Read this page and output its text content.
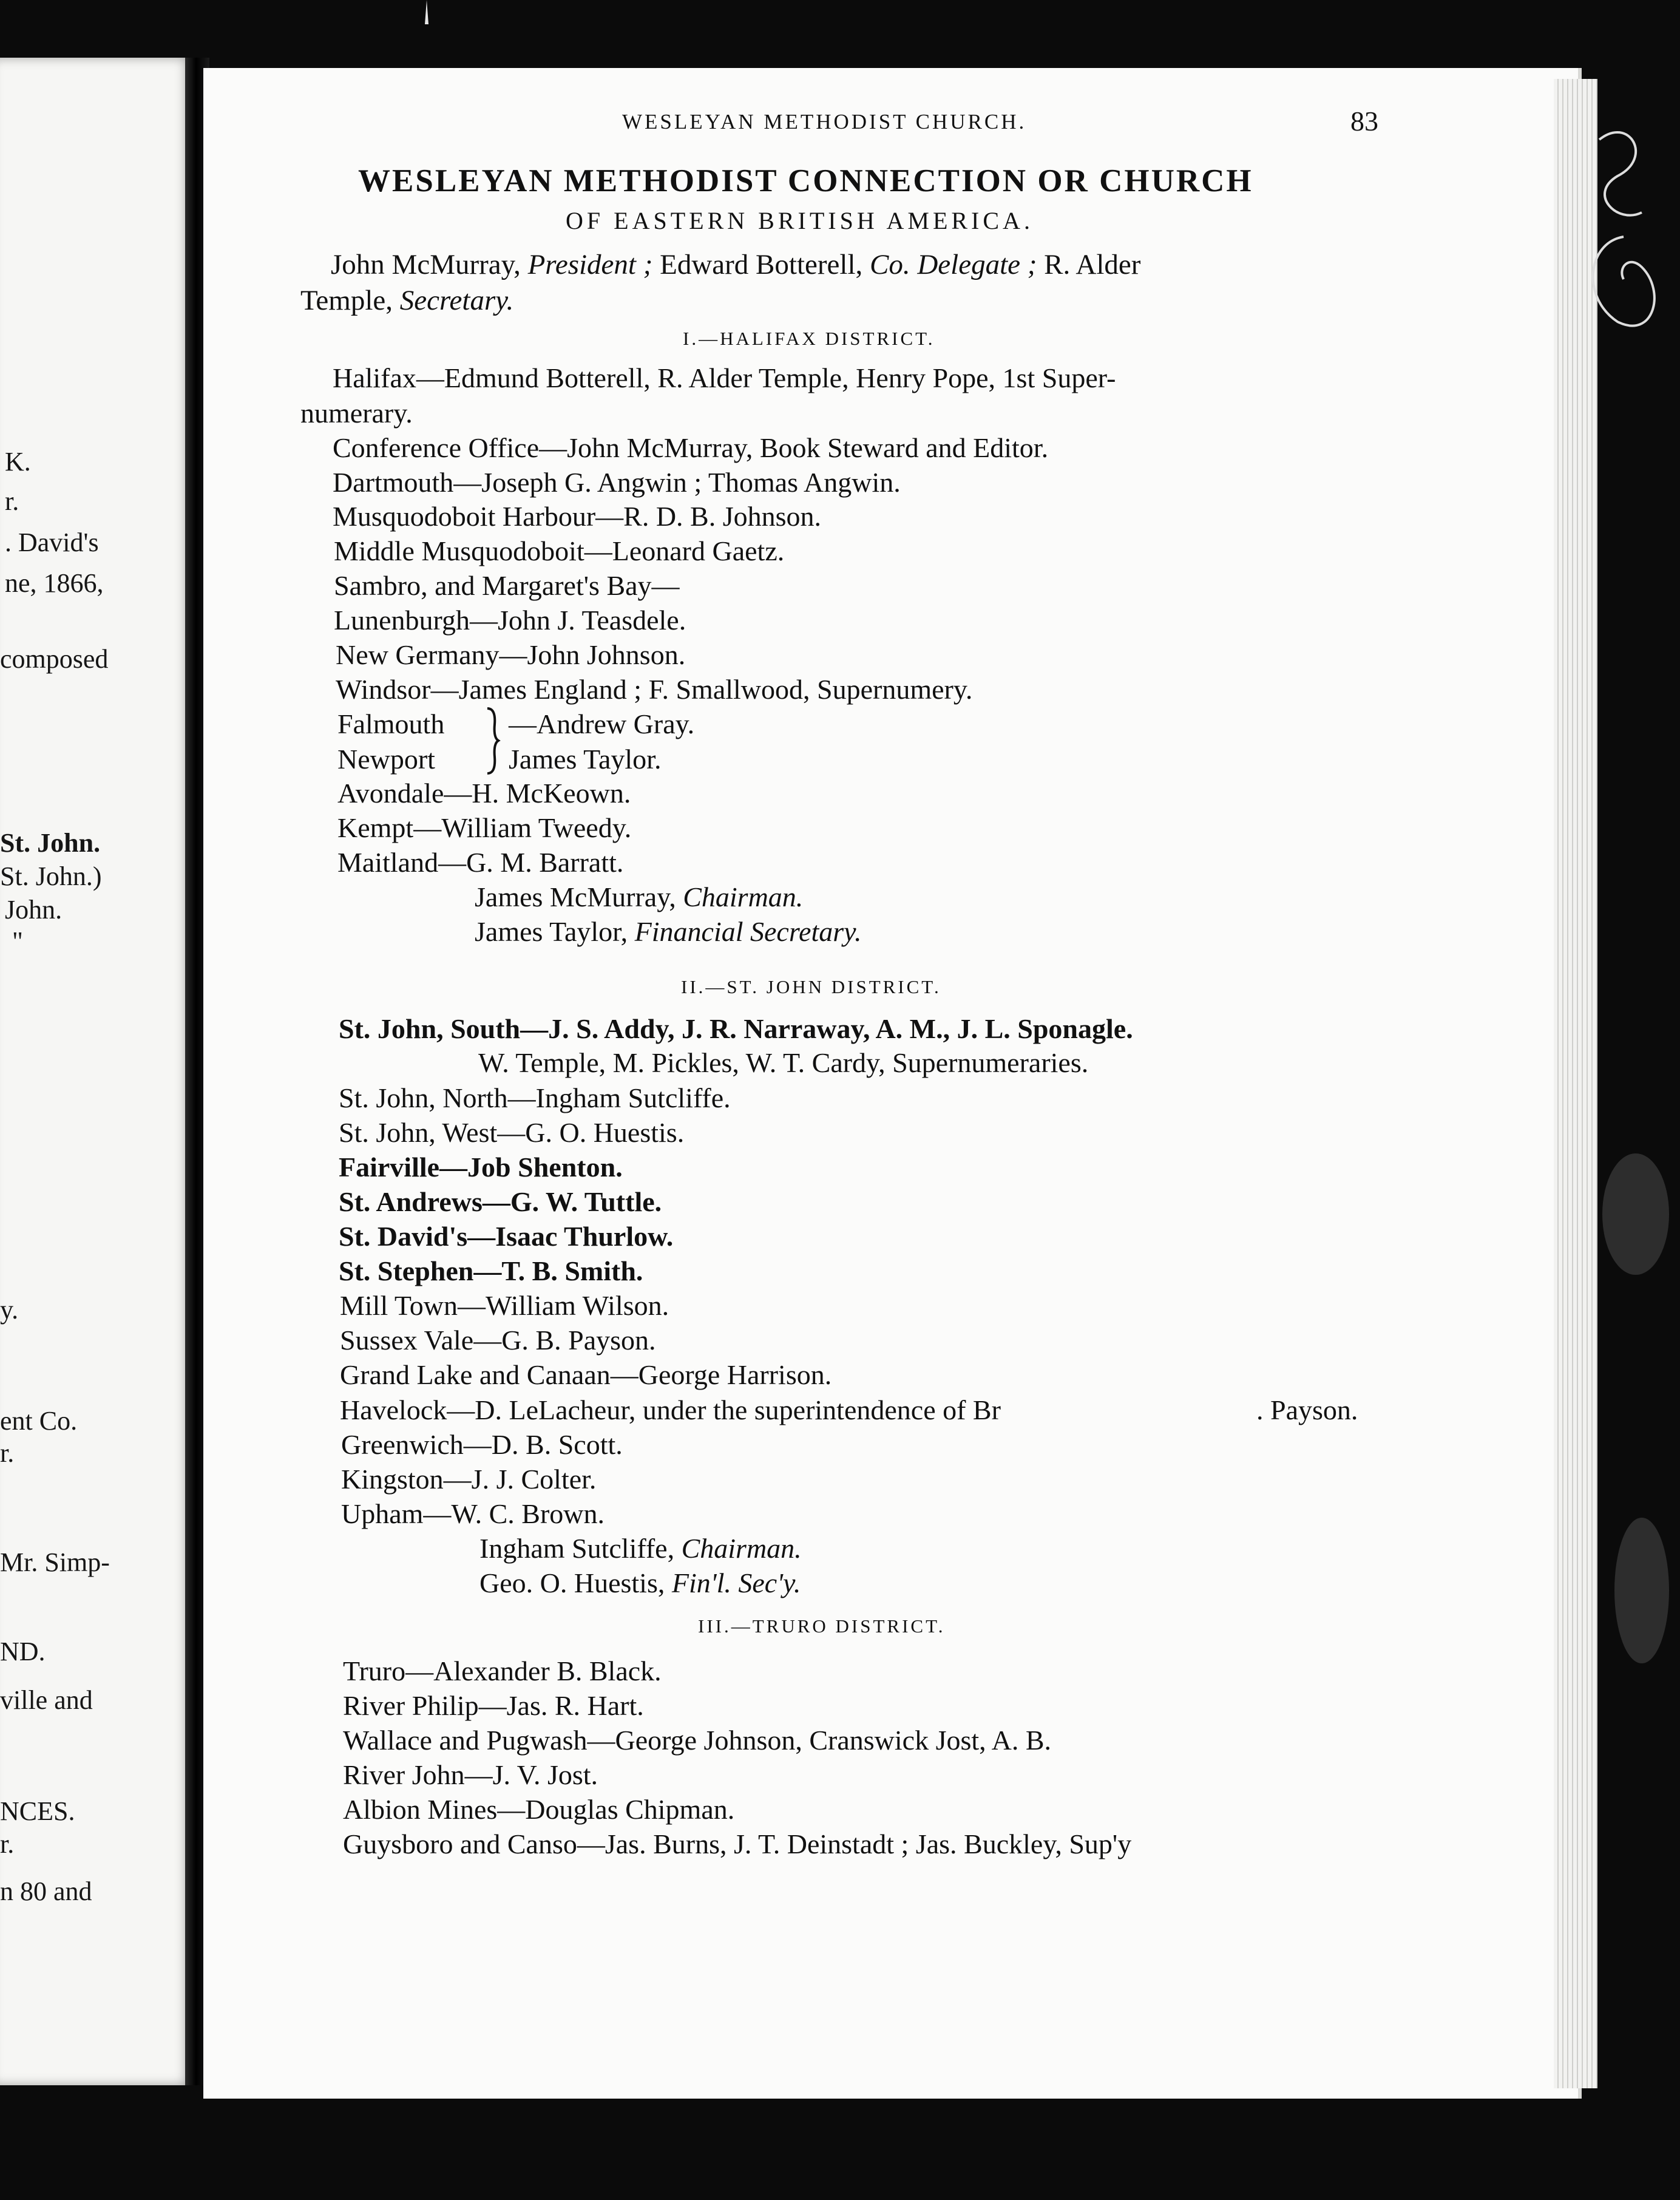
K.
r.
. David's
ne, 1866,
composed
St. John.
St. John.)
John.
"
y.
ent Co.
r.
Mr. Simp-
ND.
ville and
NCES.
r.
n 80 and
WESLEYAN METHODIST CHURCH.	83
WESLEYAN METHODIST CONNECTION OR CHURCH
OF EASTERN BRITISH AMERICA.
John McMurray, President ; Edward Botterell, Co. Delegate ; R. Alder
Temple, Secretary.
I.—HALIFAX DISTRICT.
Halifax—Edmund Botterell, R. Alder Temple, Henry Pope, 1st Super-
numerary.
Conference Office—John McMurray, Book Steward and Editor.
Dartmouth—Joseph G. Angwin ; Thomas Angwin.
Musquodoboit Harbour—R. D. B. Johnson.
Middle Musquodoboit—Leonard Gaetz.
Sambro, and Margaret's Bay—
Lunenburgh—John J. Teasdele.
New Germany—John Johnson.
Windsor—James England ; F. Smallwood, Supernumery.
Falmouth —Andrew Gray.
Newport	James Taylor.
Avondale—H. McKeown.
Kempt—William Tweedy.
Maitland—G. M. Barratt.
James McMurray, Chairman.
James Taylor, Financial Secretary.
II.—ST. JOHN DISTRICT.
St. John, South—J. S. Addy, J. R. Narraway, A. M., J. L. Sponagle.
W. Temple, M. Pickles, W. T. Cardy, Supernumeraries.
St. John, North—Ingham Sutcliffe.
St. John, West—G. O. Huestis.
Fairville—Job Shenton.
St. Andrews—G. W. Tuttle.
St. David's—Isaac Thurlow.
St. Stephen—T. B. Smith.
Mill Town—William Wilson.
Sussex Vale—G. B. Payson.
Grand Lake and Canaan—George Harrison.
Havelock—D. LeLacheur, under the superintendence of Br	. Payson.
Greenwich—D. B. Scott.
Kingston—J. J. Colter.
Upham—W. C. Brown.
Ingham Sutcliffe, Chairman.
Geo. O. Huestis, Fin'l. Sec'y.
III.—TRURO DISTRICT.
Truro—Alexander B. Black.
River Philip—Jas. R. Hart.
Wallace and Pugwash—George Johnson, Cranswick Jost, A. B.
River John—J. V. Jost.
Albion Mines—Douglas Chipman.
Guysboro and Canso—Jas. Burns, J. T. Deinstadt ; Jas. Buckley, Sup'y
